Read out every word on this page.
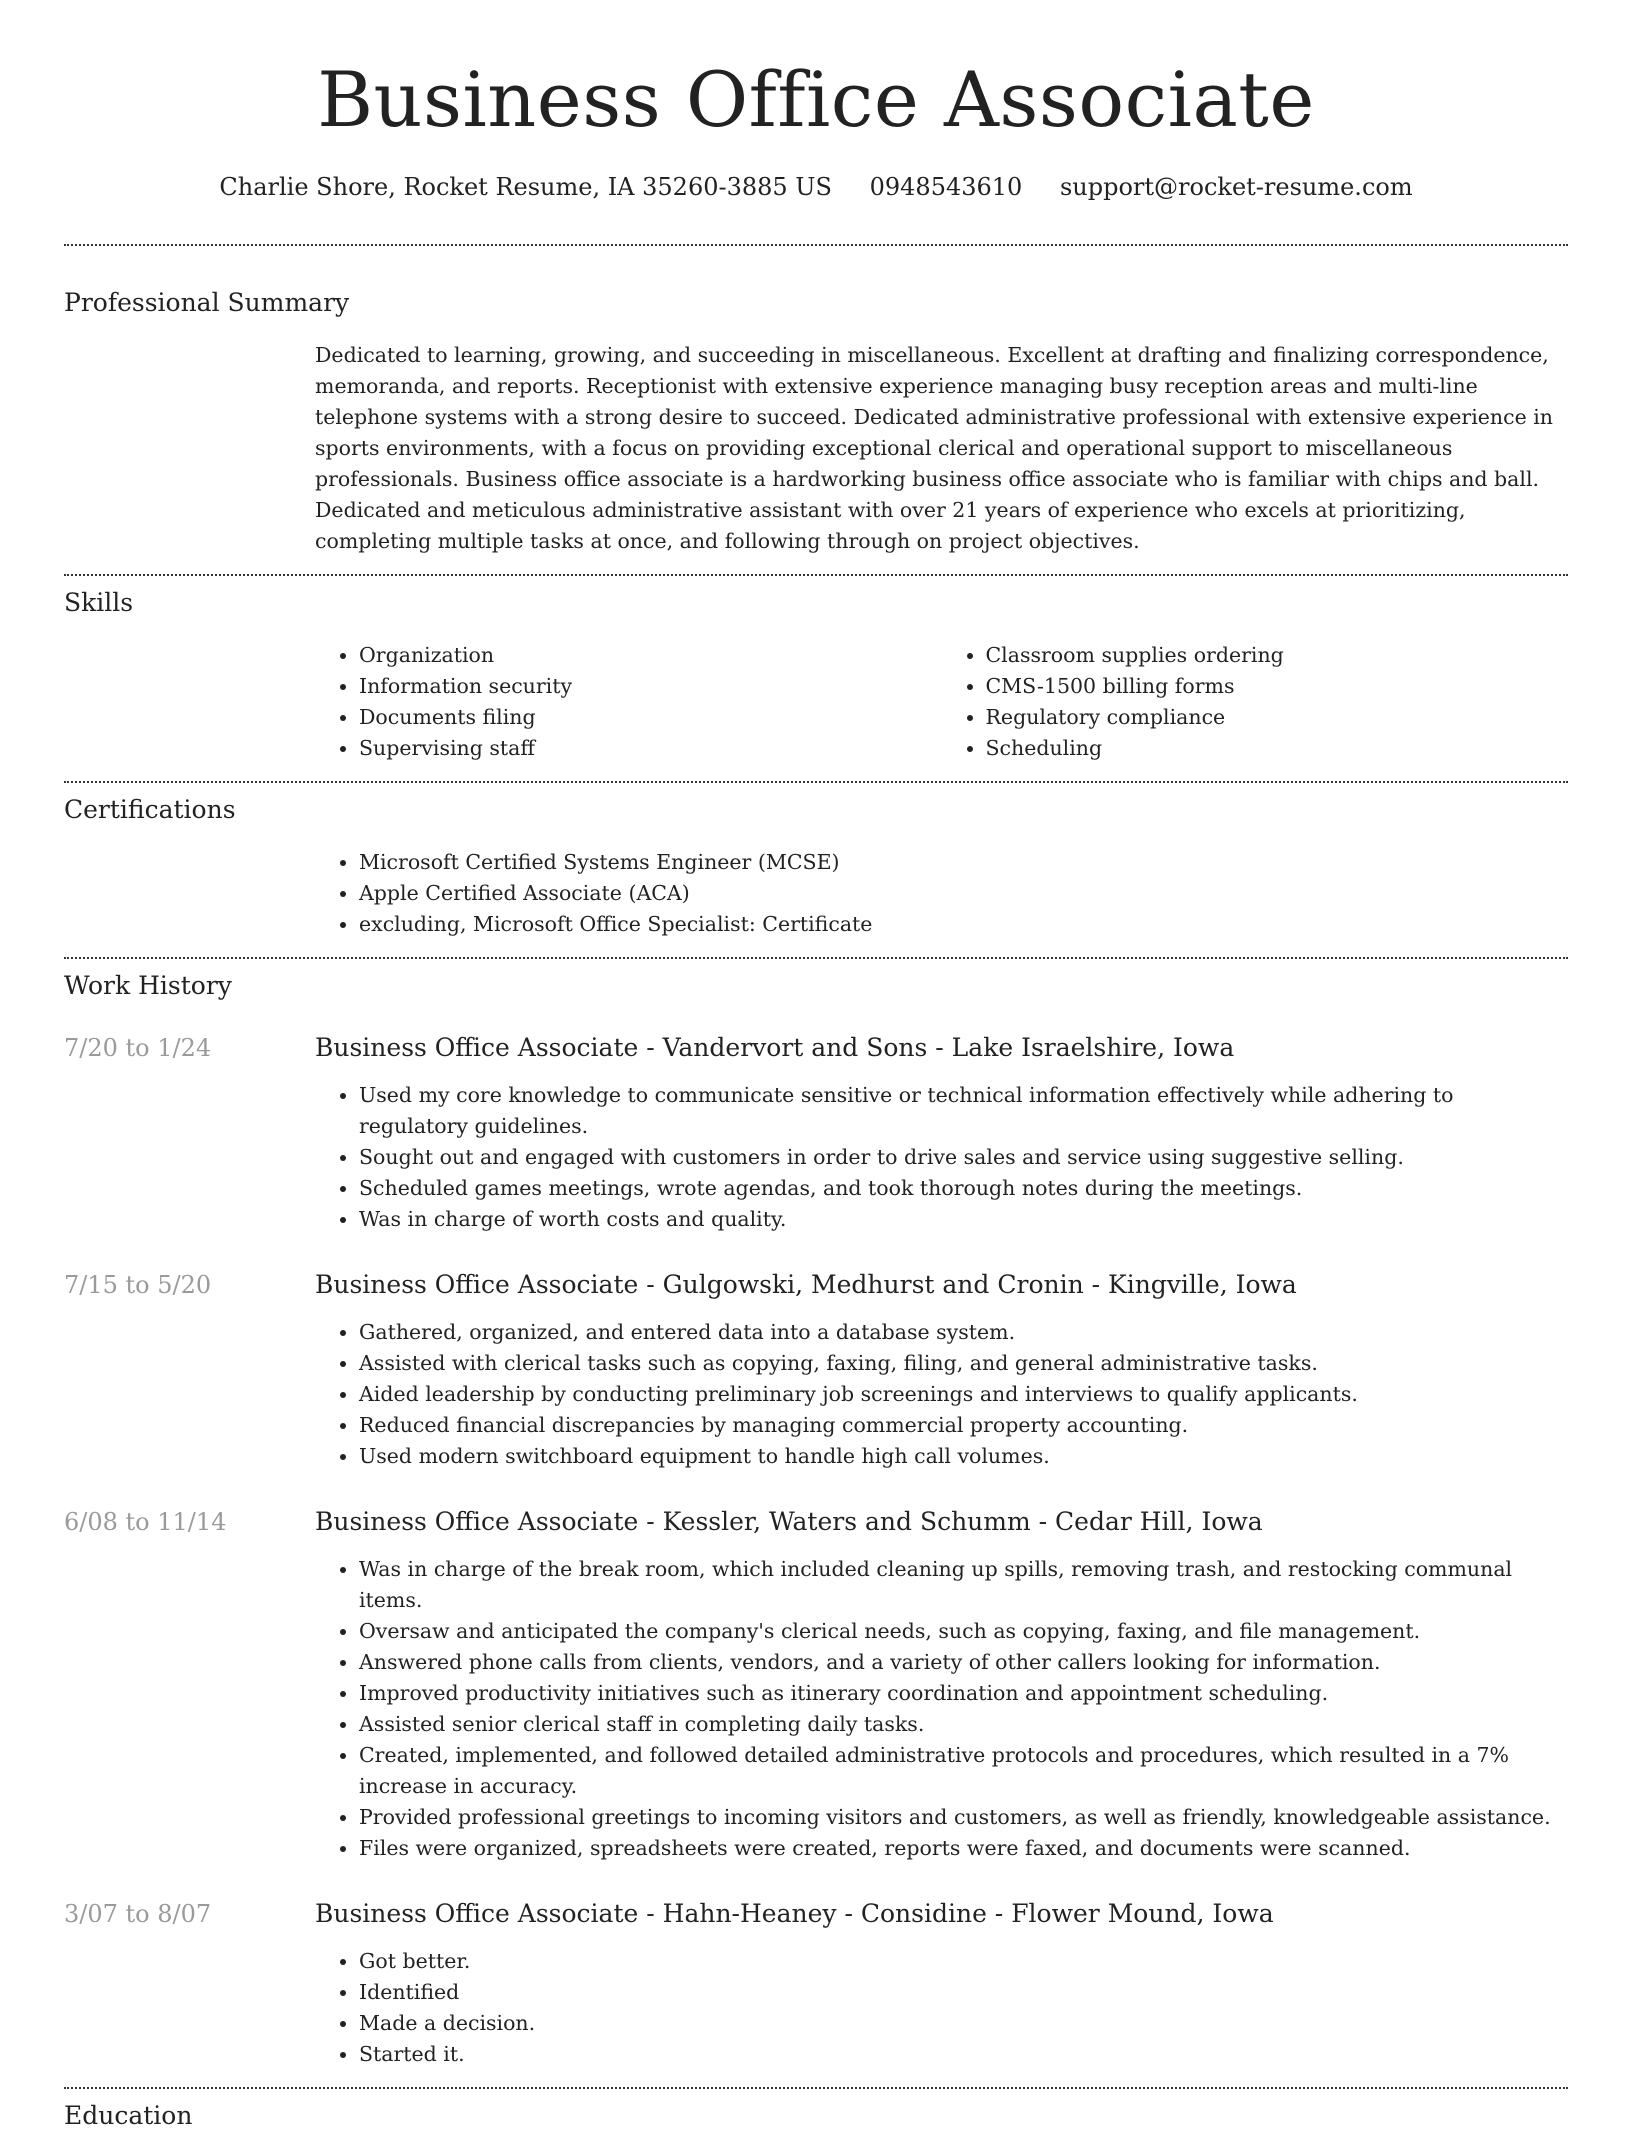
Business Office Associate
Charlie Shore, Rocket Resume, IA 35260-3885 US 0948543610 support@rocket-resume.com
Professional Summary

Dedicated to learning, growing, and succeeding in miscellaneous. Excellent at drafting and finalizing correspondence, memoranda, and reports. Receptionist with extensive experience managing busy reception areas and multi-line telephone systems with a strong desire to succeed. Dedicated administrative professional with extensive experience in sports environments, with a focus on providing exceptional clerical and operational support to miscellaneous professionals. Business office associate is a hardworking business office associate who is familiar with chips and ball. Dedicated and meticulous administrative assistant with over 21 years of experience who excels at prioritizing, completing multiple tasks at once, and following through on project objectives.

Skills
• Organization
• Information security
• Documents filing
• Supervising staff
• Classroom supplies ordering
• CMS-1500 billing forms
• Regulatory compliance
• Scheduling
Certifications
• Microsoft Certified Systems Engineer (MCSE)
• Apple Certified Associate (ACA)
• excluding, Microsoft Office Specialist: Certificate
Work History
7/20 to 1/24	Business Office Associate - Vandervort and Sons - Lake Israelshire, Iowa
• Used my core knowledge to communicate sensitive or technical information effectively while adhering to regulatory guidelines.
• Sought out and engaged with customers in order to drive sales and service using suggestive selling.
• Scheduled games meetings, wrote agendas, and took thorough notes during the meetings.
• Was in charge of worth costs and quality.
7/15 to 5/20	Business Office Associate - Gulgowski, Medhurst and Cronin - Kingville, Iowa
• Gathered, organized, and entered data into a database system.
• Assisted with clerical tasks such as copying, faxing, filing, and general administrative tasks.
• Aided leadership by conducting preliminary job screenings and interviews to qualify applicants.
• Reduced financial discrepancies by managing commercial property accounting.
• Used modern switchboard equipment to handle high call volumes.
6/08 to 11/14	Business Office Associate - Kessler, Waters and Schumm - Cedar Hill, Iowa
• Was in charge of the break room, which included cleaning up spills, removing trash, and restocking communal items.
• Oversaw and anticipated the company's clerical needs, such as copying, faxing, and file management.
• Answered phone calls from clients, vendors, and a variety of other callers looking for information.
• Improved productivity initiatives such as itinerary coordination and appointment scheduling.
• Assisted senior clerical staff in completing daily tasks.
• Created, implemented, and followed detailed administrative protocols and procedures, which resulted in a 7% increase in accuracy.
• Provided professional greetings to incoming visitors and customers, as well as friendly, knowledgeable assistance.
• Files were organized, spreadsheets were created, reports were faxed, and documents were scanned.
3/07 to 8/07	Business Office Associate - Hahn-Heaney - Considine - Flower Mound, Iowa
• Got better.
• Identified
• Made a decision.
• Started it.
Education
